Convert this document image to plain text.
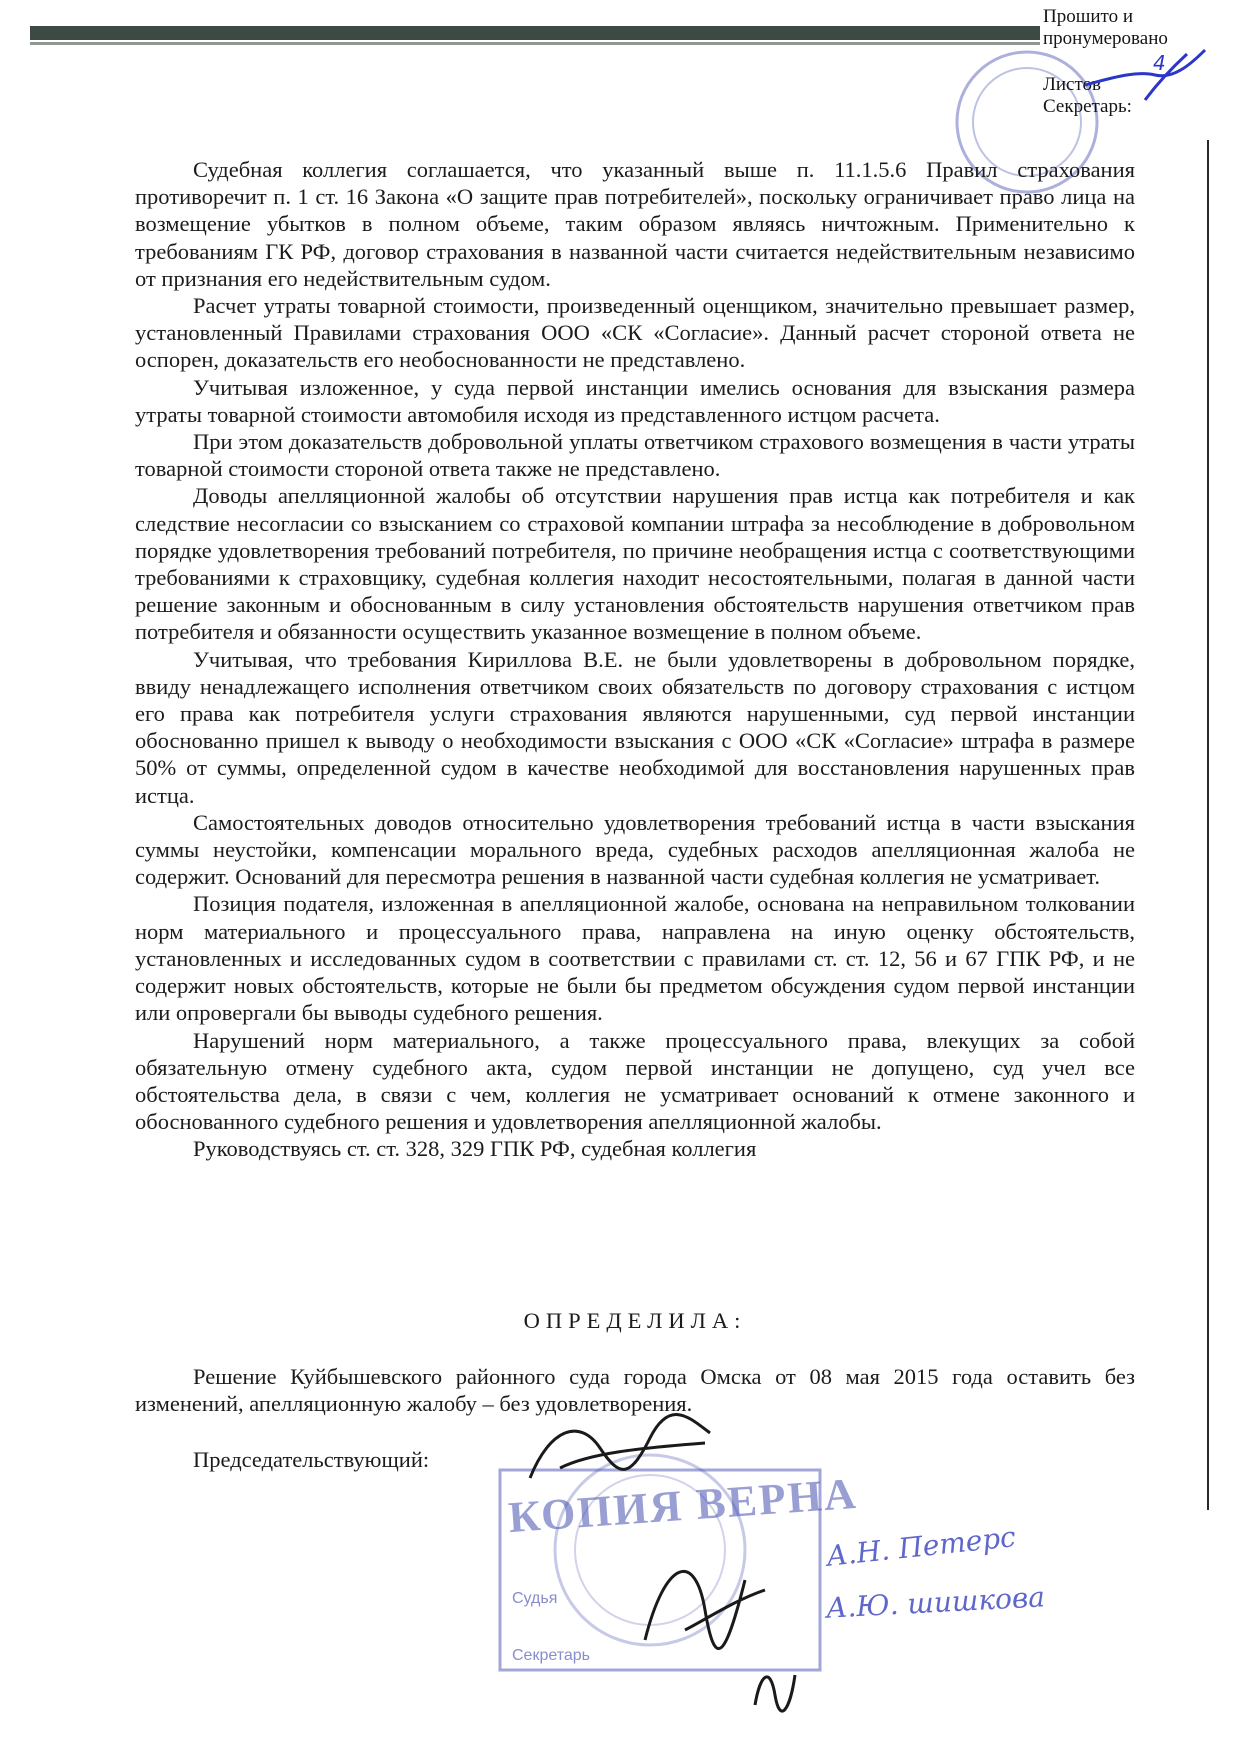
Прошито и
пронумеровано
Листов
Секретарь:
4

Судебная коллегия соглашается, что указанный выше п. 11.1.5.6 Правил страхования противоречит п. 1 ст. 16 Закона «О защите прав потребителей», поскольку ограничивает право лица на возмещение убытков в полном объеме, таким образом являясь ничтожным. Применительно к требованиям ГК РФ, договор страхования в названной части считается недействительным независимо от признания его недействительным судом.

Расчет утраты товарной стоимости, произведенный оценщиком, значительно превышает размер, установленный Правилами страхования ООО «СК «Согласие». Данный расчет стороной ответа не оспорен, доказательств его необоснованности не представлено.

Учитывая изложенное, у суда первой инстанции имелись основания для взыскания размера утраты товарной стоимости автомобиля исходя из представленного истцом расчета.

При этом доказательств добровольной уплаты ответчиком страхового возмещения в части утраты товарной стоимости стороной ответа также не представлено.

Доводы апелляционной жалобы об отсутствии нарушения прав истца как потребителя и как следствие несогласии со взысканием со страховой компании штрафа за несоблюдение в добровольном порядке удовлетворения требований потребителя, по причине необращения истца с соответствующими требованиями к страховщику, судебная коллегия находит несостоятельными, полагая в данной части решение законным и обоснованным в силу установления обстоятельств нарушения ответчиком прав потребителя и обязанности осуществить указанное возмещение в полном объеме.

Учитывая, что требования Кириллова В.Е. не были удовлетворены в добровольном порядке, ввиду ненадлежащего исполнения ответчиком своих обязательств по договору страхования с истцом его права как потребителя услуги страхования являются нарушенными, суд первой инстанции обоснованно пришел к выводу о необходимости взыскания с ООО «СК «Согласие» штрафа в размере 50% от суммы, определенной судом в качестве необходимой для восстановления нарушенных прав истца.

Самостоятельных доводов относительно удовлетворения требований истца в части взыскания суммы неустойки, компенсации морального вреда, судебных расходов апелляционная жалоба не содержит. Оснований для пересмотра решения в названной части судебная коллегия не усматривает.

Позиция подателя, изложенная в апелляционной жалобе, основана на неправильном толковании норм материального и процессуального права, направлена на иную оценку обстоятельств, установленных и исследованных судом в соответствии с правилами ст. ст. 12, 56 и 67 ГПК РФ, и не содержит новых обстоятельств, которые не были бы предметом обсуждения судом первой инстанции или опровергали бы выводы судебного решения.

Нарушений норм материального, а также процессуального права, влекущих за собой обязательную отмену судебного акта, судом первой инстанции не допущено, суд учел все обстоятельства дела, в связи с чем, коллегия не усматривает оснований к отмене законного и обоснованного судебного решения и удовлетворения апелляционной жалобы.

Руководствуясь ст. ст. 328, 329 ГПК РФ, судебная коллегия

ОПРЕДЕЛИЛА:

Решение Куйбышевского районного суда города Омска от 08 мая 2015 года оставить без изменений, апелляционную жалобу – без удовлетворения.

Председательствующий:
КОПИЯ ВЕРНА
Судья
Секретарь
А.Н. Петерс
А.Ю. шишкова
